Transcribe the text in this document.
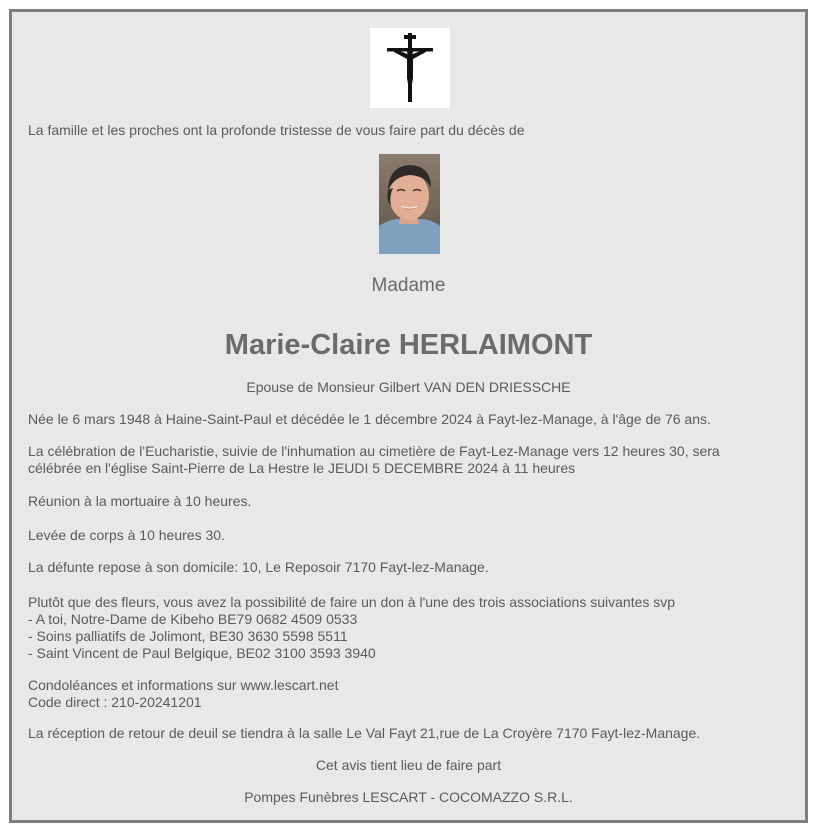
La famille et les proches ont la profonde tristesse de vous faire part du décès de
Madame
Marie-Claire HERLAIMONT
Epouse de Monsieur Gilbert VAN DEN DRIESSCHE
Née le 6 mars 1948 à Haine-Saint-Paul et décédée le 1 décembre 2024 à Fayt-lez-Manage, à l'âge de 76 ans.
La célébration de l'Eucharistie, suivie de l'inhumation au cimetière de Fayt-Lez-Manage vers 12 heures 30, sera
célébrée en l'église Saint-Pierre de La Hestre le JEUDI 5 DECEMBRE 2024 à 11 heures
Réunion à la mortuaire à 10 heures.
Levée de corps à 10 heures 30.
La défunte repose à son domicile: 10, Le Reposoir 7170 Fayt-lez-Manage.
Plutôt que des fleurs, vous avez la possibilité de faire un don à l'une des trois associations suivantes svp
- A toi, Notre-Dame de Kibeho BE79 0682 4509 0533
- Soins palliatifs de Jolimont, BE30 3630 5598 5511
- Saint Vincent de Paul Belgique, BE02 3100 3593 3940
Condoléances et informations sur www.lescart.net
Code direct : 210-20241201
La réception de retour de deuil se tiendra à la salle Le Val Fayt 21,rue de La Croyère 7170 Fayt-lez-Manage.
Cet avis tient lieu de faire part
Pompes Funèbres LESCART - COCOMAZZO S.R.L.
